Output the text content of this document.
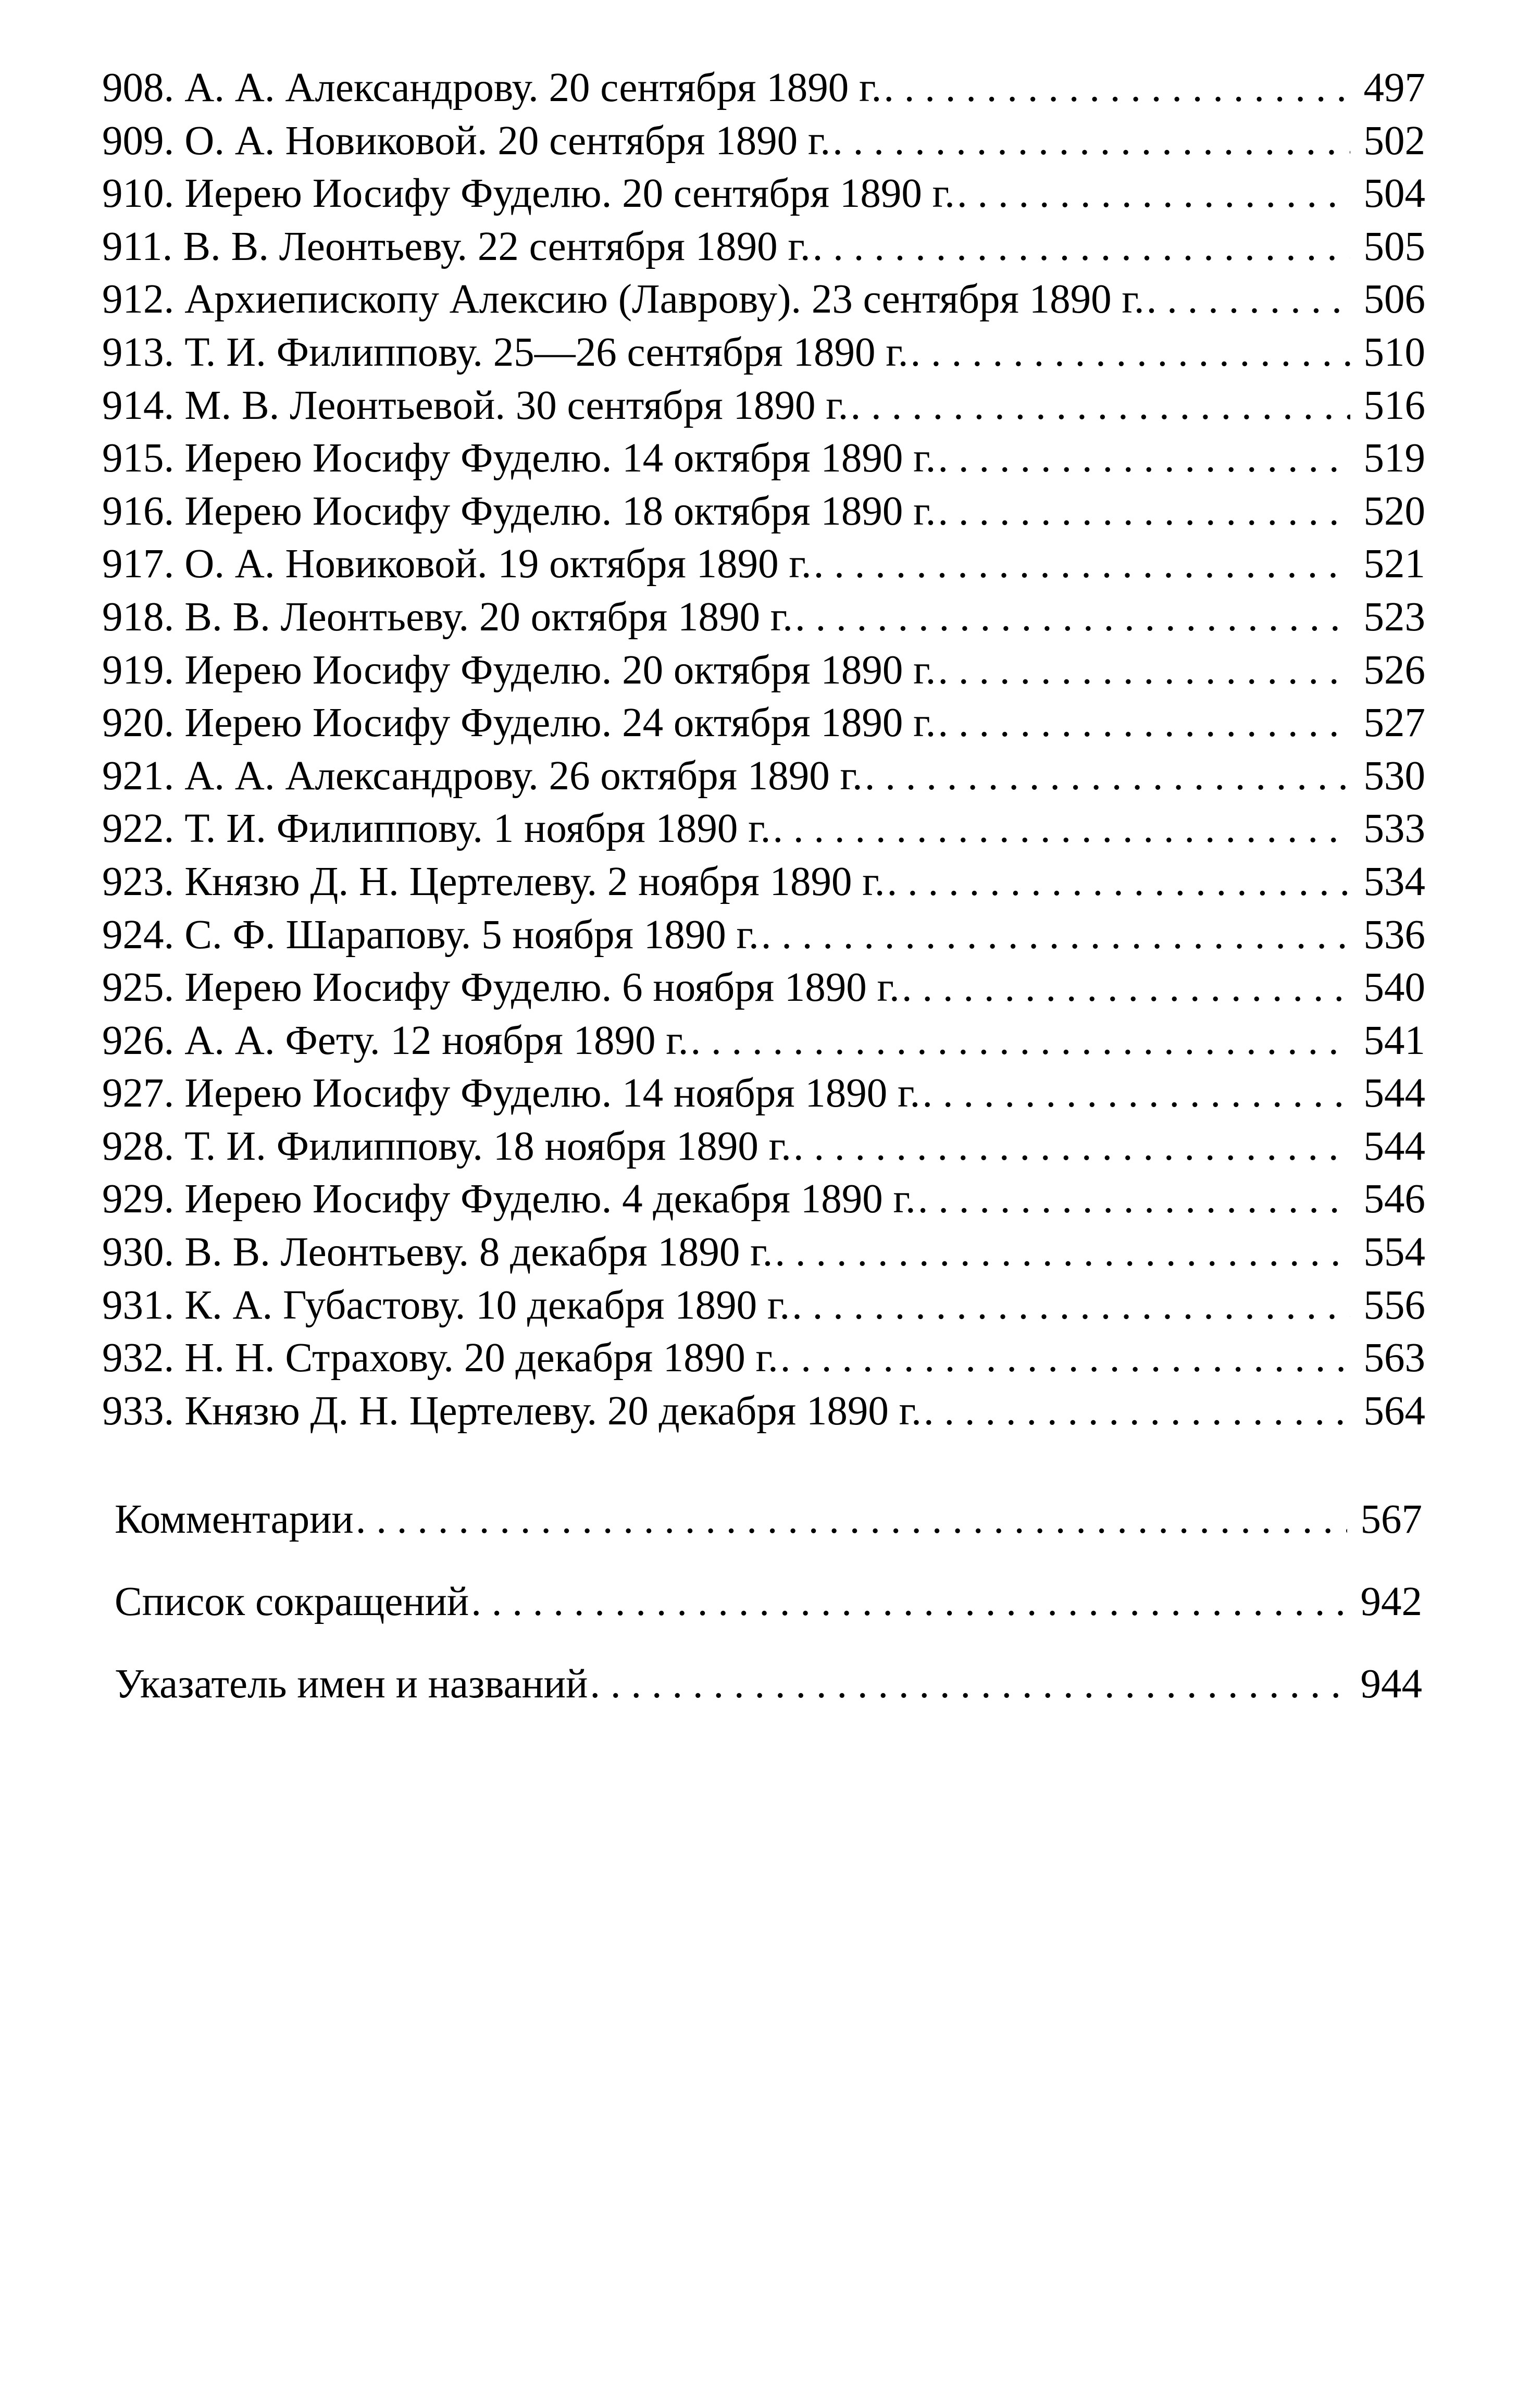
908. А. А. Александрову. 20 сентября 1890 г. . . .	497
909. О. А. Новиковой. 20 сентября 1890 г. . . .	502
910. Иерею Иосифу Фуделю. 20 сентября 1890 г. . . .	504
911. В. В. Леонтьеву. 22 сентября 1890 г. . . .	505
912. Архиепископу Алексию (Лаврову). 23 сентября 1890 г. . . .	506
913. Т. И. Филиппову. 25—26 сентября 1890 г. . . .	510
914. М. В. Леонтьевой. 30 сентября 1890 г. . . .	516
915. Иерею Иосифу Фуделю. 14 октября 1890 г. . . .	519
916. Иерею Иосифу Фуделю. 18 октября 1890 г. . . .	520
917. О. А. Новиковой. 19 октября 1890 г. . . .	521
918. В. В. Леонтьеву. 20 октября 1890 г. . . .	523
919. Иерею Иосифу Фуделю. 20 октября 1890 г. . . .	526
920. Иерею Иосифу Фуделю. 24 октября 1890 г. . . .	527
921. А. А. Александрову. 26 октября 1890 г. . . .	530
922. Т. И. Филиппову. 1 ноября 1890 г. . . .	533
923. Князю Д. Н. Цертелеву. 2 ноября 1890 г. . . .	534
924. С. Ф. Шарапову. 5 ноября 1890 г. . . .	536
925. Иерею Иосифу Фуделю. 6 ноября 1890 г. . . .	540
926. А. А. Фету. 12 ноября 1890 г. . . .	541
927. Иерею Иосифу Фуделю. 14 ноября 1890 г. . . .	544
928. Т. И. Филиппову. 18 ноября 1890 г. . . .	544
929. Иерею Иосифу Фуделю. 4 декабря 1890 г. . . .	546
930. В. В. Леонтьеву. 8 декабря 1890 г. . . .	554
931. К. А. Губастову. 10 декабря 1890 г. . . .	556
932. Н. Н. Страхову. 20 декабря 1890 г. . . .	563
933. Князю Д. Н. Цертелеву. 20 декабря 1890 г. . . .	564
Комментарии . . .	567
Список сокращений . . .	942
Указатель имен и названий . . .	944
